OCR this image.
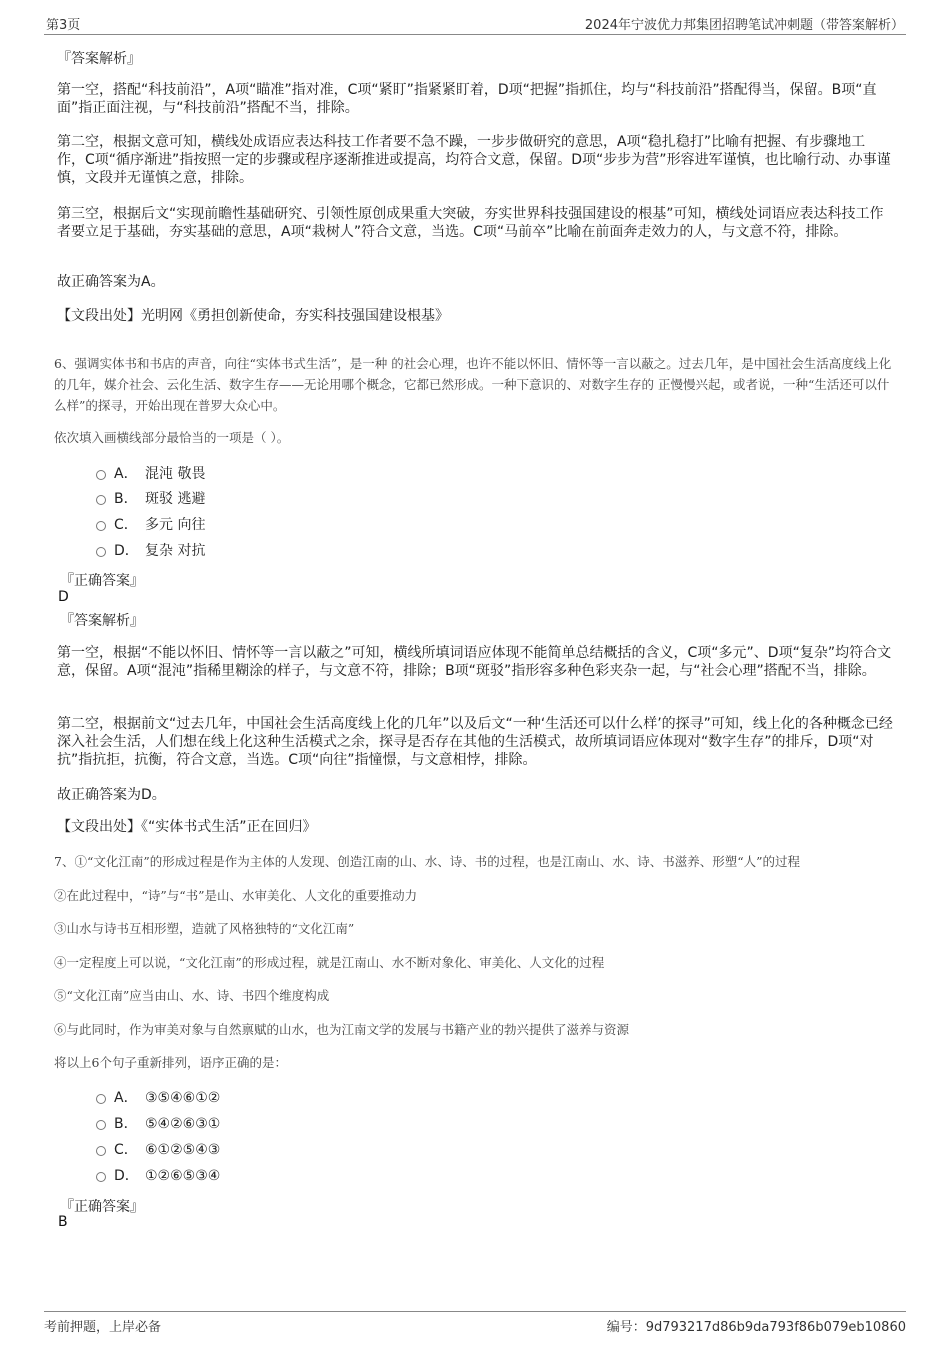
第3页	2024年宁波优力邦集团招聘笔试冲刺题（带答案解析）
『答案解析』
第一空，搭配“科技前沿”，A项“瞄准”指对准，C项“紧盯”指紧紧盯着，D项“把握”指抓住，均与“科技前沿”搭配得当，保留。B项“直面”指正面注视，与“科技前沿”搭配不当，排除。
第二空，根据文意可知，横线处成语应表达科技工作者要不急不躁，一步步做研究的意思，A项“稳扎稳打”比喻有把握、有步骤地工作，C项“循序渐进”指按照一定的步骤或程序逐渐推进或提高，均符合文意，保留。D项“步步为营”形容进军谨慎，也比喻行动、办事谨慎，文段并无谨慎之意，排除。
第三空，根据后文“实现前瞻性基础研究、引领性原创成果重大突破，夯实世界科技强国建设的根基”可知，横线处词语应表达科技工作者要立足于基础，夯实基础的意思，A项“栽树人”符合文意，当选。C项“马前卒”比喻在前面奔走效力的人，与文意不符，排除。
故正确答案为A。
【文段出处】光明网《勇担创新使命，夯实科技强国建设根基》
6、强调实体书和书店的声音，向往“实体书式生活”，是一种 的社会心理，也许不能以怀旧、情怀等一言以蔽之。过去几年，是中国社会生活高度线上化的几年，媒介社会、云化生活、数字生存——无论用哪个概念，它都已然形成。一种下意识的、对数字生存的 正慢慢兴起，或者说，一种“生活还可以什么样”的探寻，开始出现在普罗大众心中。
依次填入画横线部分最恰当的一项是（ ）。
A． 混沌 敬畏
B． 斑驳 逃避
C． 多元 向往
D． 复杂 对抗
『正确答案』
D
『答案解析』
第一空，根据“不能以怀旧、情怀等一言以蔽之”可知，横线所填词语应体现不能简单总结概括的含义，C项“多元”、D项“复杂”均符合文意，保留。A项“混沌”指稀里糊涂的样子，与文意不符，排除；B项“斑驳”指形容多种色彩夹杂一起，与“社会心理”搭配不当，排除。
第二空，根据前文“过去几年，中国社会生活高度线上化的几年”以及后文“一种‘生活还可以什么样’的探寻”可知，线上化的各种概念已经深入社会生活，人们想在线上化这种生活模式之余，探寻是否存在其他的生活模式，故所填词语应体现对“数字生存”的排斥，D项“对抗”指抗拒，抗衡，符合文意，当选。C项“向往”指憧憬，与文意相悖，排除。
故正确答案为D。
【文段出处】《“实体书式生活”正在回归》
7、①“文化江南”的形成过程是作为主体的人发现、创造江南的山、水、诗、书的过程，也是江南山、水、诗、书滋养、形塑“人”的过程
②在此过程中，“诗”与“书”是山、水审美化、人文化的重要推动力
③山水与诗书互相形塑，造就了风格独特的“文化江南”
④一定程度上可以说，“文化江南”的形成过程，就是江南山、水不断对象化、审美化、人文化的过程
⑤“文化江南”应当由山、水、诗、书四个维度构成
⑥与此同时，作为审美对象与自然禀赋的山水，也为江南文学的发展与书籍产业的勃兴提供了滋养与资源
将以上6个句子重新排列，语序正确的是：
A． ③⑤④⑥①②
B． ⑤④②⑥③①
C． ⑥①②⑤④③
D． ①②⑥⑤③④
『正确答案』
B
考前押题，上岸必备	编号：9d793217d86b9da793f86b079eb10860
